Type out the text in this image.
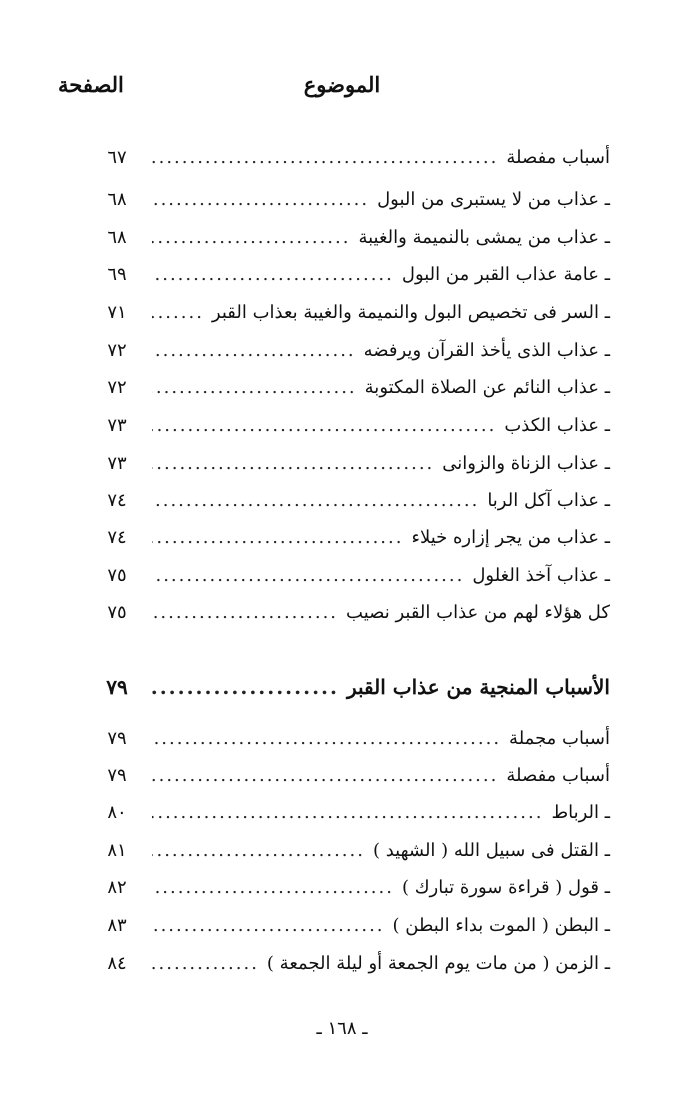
الموضوع
الصفحة
أسباب مفصلة
.....
٦٧
ـ عذاب من لا يستبرى من البول
.....
٦٨
ـ عذاب من يمشى بالنميمة والغيبة
.....
٦٨
ـ عامة عذاب القبر من البول
.....
٦٩
ـ السر فى تخصيص البول والنميمة والغيبة بعذاب القبر
.....
٧١
ـ عذاب الذى يأخذ القرآن ويرفضه
.....
٧٢
ـ عذاب النائم عن الصلاة المكتوبة
.....
٧٢
ـ عذاب الكذب
.....
٧٣
ـ عذاب الزناة والزوانى
.....
٧٣
ـ عذاب آكل الربا
.....
٧٤
ـ عذاب من يجر إزاره خيلاء
.....
٧٤
ـ عذاب آخذ الغلول
.....
٧٥
كل هؤلاء لهم من عذاب القبر نصيب
.....
٧٥
الأسباب المنجية من عذاب القبر
.....
٧٩
أسباب مجملة
.....
٧٩
أسباب مفصلة
.....
٧٩
ـ الرباط
.....
٨٠
ـ القتل فى سبيل الله ( الشهيد )
.....
٨١
ـ قول ( قراءة سورة تبارك )
.....
٨٢
ـ البطن ( الموت بداء البطن )
.....
٨٣
ـ الزمن ( من مات يوم الجمعة أو ليلة الجمعة )
.....
٨٤
ـ ١٦٨ ـ
